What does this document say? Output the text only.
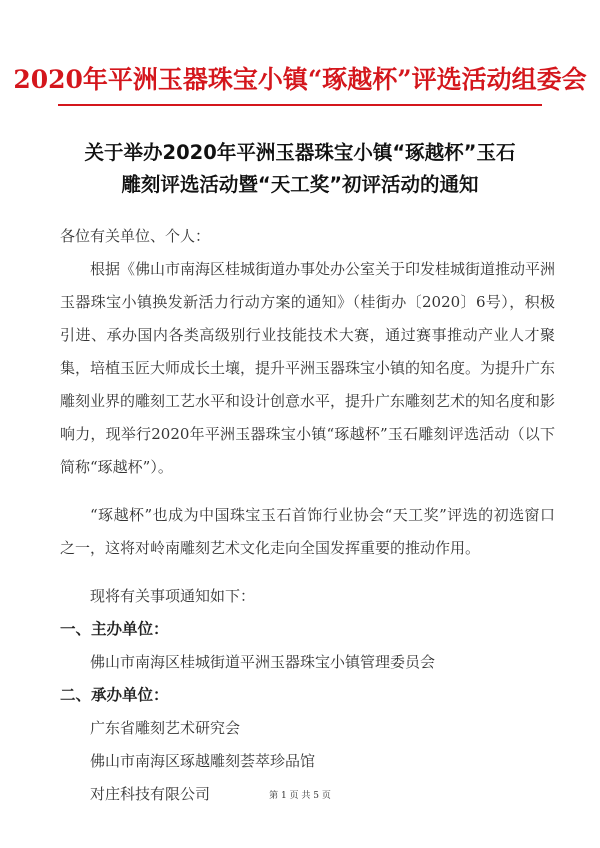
2020年平洲玉器珠宝小镇“琢越杯”评选活动组委会
关于举办2020年平洲玉器珠宝小镇“琢越杯”玉石
雕刻评选活动暨“天工奖”初评活动的通知

各位有关单位、个人：

根据《佛山市南海区桂城街道办事处办公室关于印发桂城街道推动平洲玉器珠宝小镇换发新活力行动方案的通知》（桂街办〔2020〕6号），积极引进、承办国内各类高级别行业技能技术大赛，通过赛事推动产业人才聚集，培植玉匠大师成长土壤，提升平洲玉器珠宝小镇的知名度。为提升广东雕刻业界的雕刻工艺水平和设计创意水平，提升广东雕刻艺术的知名度和影响力，现举行2020年平洲玉器珠宝小镇“琢越杯”玉石雕刻评选活动（以下简称“琢越杯”）。

“琢越杯”也成为中国珠宝玉石首饰行业协会“天工奖”评选的初选窗口之一，这将对岭南雕刻艺术文化走向全国发挥重要的推动作用。

现将有关事项通知如下：

一、主办单位：

佛山市南海区桂城街道平洲玉器珠宝小镇管理委员会

二、承办单位：

广东省雕刻艺术研究会

佛山市南海区琢越雕刻荟萃珍品馆

对庄科技有限公司	第 1 页 共 5 页
